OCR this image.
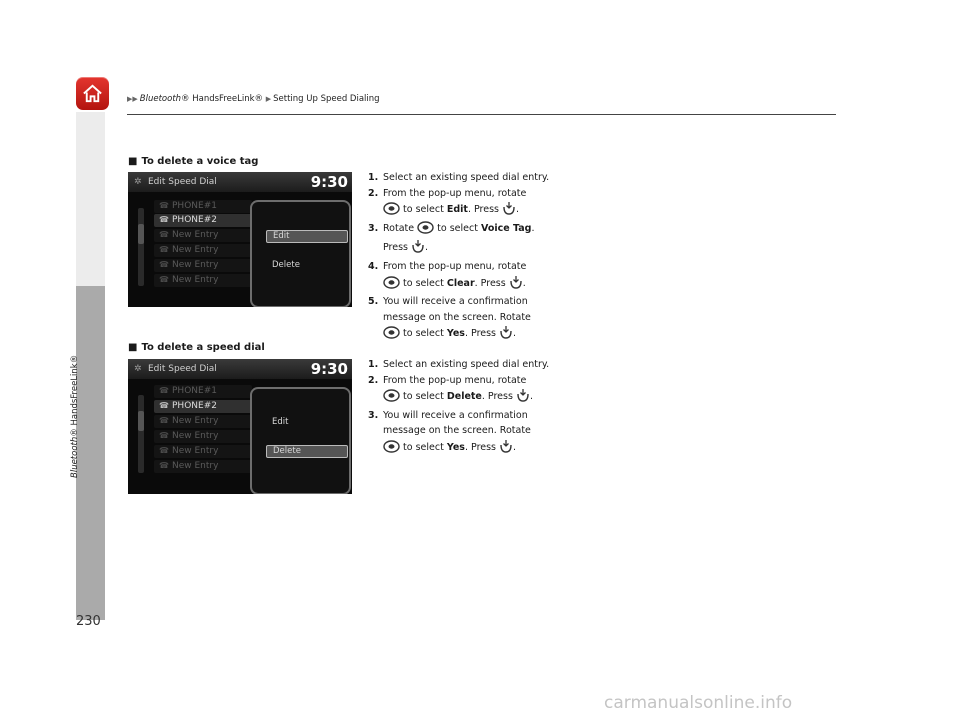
▶▶ Bluetooth® HandsFreeLink® ▶ Setting Up Speed Dialing
Bluetooth® HandsFreeLink®
230
■ To delete a voice tag
✲ Edit Speed Dial	9:30
☎ PHONE#1
☎ PHONE#2
☎ New Entry
☎ New Entry
☎ New Entry
☎ New Entry
Edit
Delete
1. Select an existing speed dial entry.
2. From the pop-up menu, rotate
to select Edit. Press .
3. Rotate to select Voice Tag.
Press .
4. From the pop-up menu, rotate
to select Clear. Press .
5. You will receive a confirmation
message on the screen. Rotate
to select Yes. Press .
■ To delete a speed dial
✲ Edit Speed Dial	9:30
☎ PHONE#1
☎ PHONE#2
☎ New Entry
☎ New Entry
☎ New Entry
☎ New Entry
Edit
Delete
1. Select an existing speed dial entry.
2. From the pop-up menu, rotate
to select Delete. Press .
3. You will receive a confirmation
message on the screen. Rotate
to select Yes. Press .
carmanualsonline.info
